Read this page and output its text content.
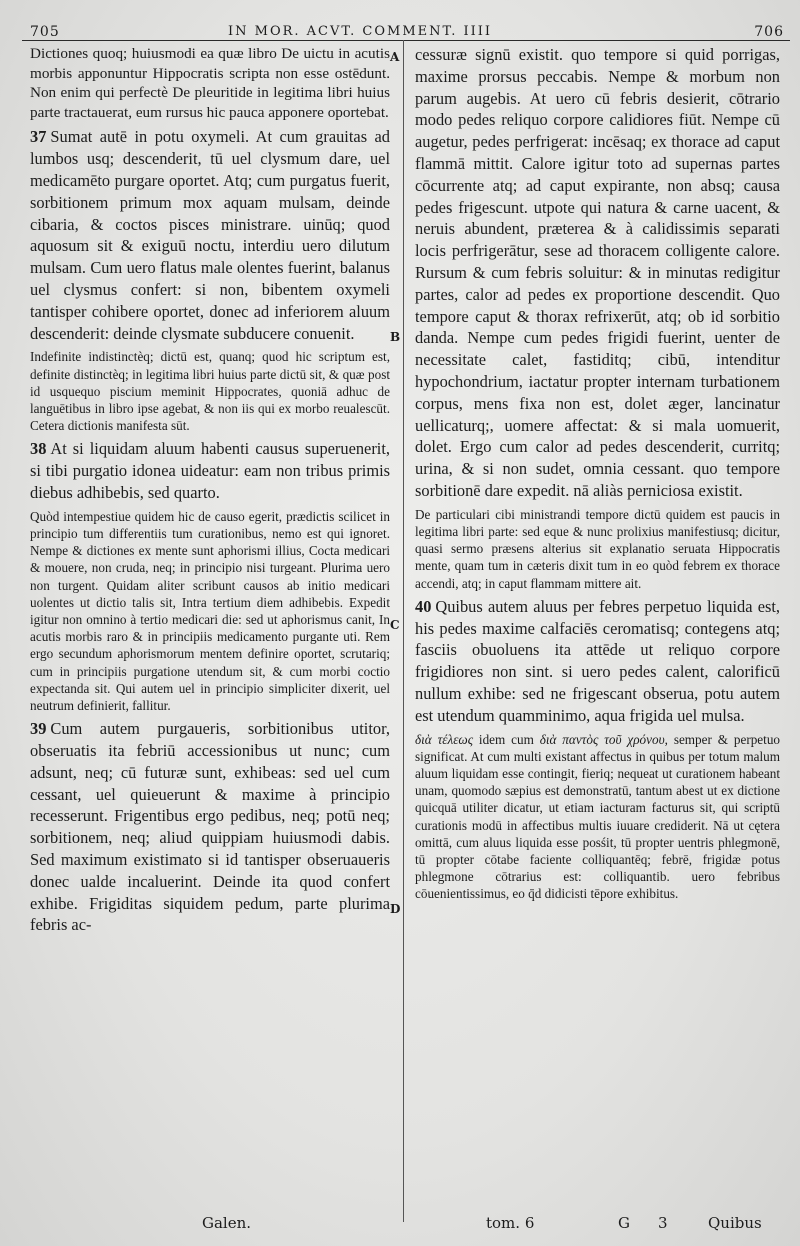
705	IN MOR. ACVT. COMMENT. IIII	706
A
B
C
D

Dictiones quoq; huiusmodi ea quæ libro De uictu in acutis morbis apponuntur Hippocratis scripta non esse ostēdunt. Non enim qui perfectè De pleuritide in legitima libri huius parte tractauerat, eum rursus hic pauca apponere oportebat.

37 Sumat autē in potu oxymeli. At cum grauitas ad lumbos usq; descenderit, tū uel clysmum dare, uel medicamēto purgare oportet. Atq; cum purgatus fuerit, sorbitionem primum mox aquam mulsam, deinde cibaria, & coctos pisces ministrare. uinūq; quod aquosum sit & exiguū noctu, interdiu uero dilutum mulsam. Cum uero flatus male olentes fuerint, balanus uel clysmus confert: si non, bibentem oxymeli tantisper cohibere oportet, donec ad inferiorem aluum descenderit: deinde clysmate subducere conuenit.

Indefinite indistinctèq; dictū est, quanq; quod hic scriptum est, definite distinctèq; in legitima libri huius parte dictū sit, & quæ post id usquequo piscium meminit Hippocrates, quoniā adhuc de languētibus in libro ipse agebat, & non iis qui ex morbo reualescūt. Cetera dictionis manifesta sūt.

38 At si liquidam aluum habenti causus superuenerit, si tibi purgatio idonea uideatur: eam non tribus primis diebus adhibebis, sed quarto.

Quòd intempestiue quidem hic de causo egerit, prædictis scilicet in principio tum differentiis tum curationibus, nemo est qui ignoret. Nempe & dictiones ex mente sunt aphorismi illius, Cocta medicari & mouere, non cruda, neq; in principio nisi turgeant. Plurima uero non turgent. Quidam aliter scribunt causos ab initio medicari uolentes ut dictio talis sit, Intra tertium diem adhibebis. Expedit igitur non omnino à tertio medicari die: sed ut aphorismus canit, In acutis morbis raro & in principiis medicamento purgante uti. Rem ergo secundum aphorismorum mentem definire oportet, scrutariq; cum in principiis purgatione utendum sit, & cum morbi coctio expectanda sit. Qui autem uel in principio simpliciter dixerit, uel neutrum definierit, fallitur.

39 Cum autem purgaueris, sorbitionibus utitor, obseruatis ita febriū accessionibus ut nunc; cum adsunt, neq; cū futuræ sunt, exhibeas: sed uel cum cessant, uel quieuerunt & maxime à principio recesserunt. Frigentibus ergo pedibus, neq; potū neq; sorbitionem, neq; aliud quippiam huiusmodi dabis. Sed maximum existimato si id tantisper obseruaueris donec ualde incaluerint. Deinde ita quod confert exhibe. Frigiditas siquidem pedum, parte plurima febris ac-

cessuræ signū existit. quo tempore si quid porrigas, maxime prorsus peccabis. Nempe & morbum non parum augebis. At uero cū febris desierit, cōtrario modo pedes reliquo corpore calidiores fiūt. Nempe cū augetur, pedes perfrigerat: incēsaq; ex thorace ad caput flammā mittit. Calore igitur toto ad supernas partes cōcurrente atq; ad caput expirante, non absq; causa pedes frigescunt. utpote qui natura & carne uacent, & neruis abundent, præterea & à calidissimis separati locis perfrigerātur, sese ad thoracem colligente calore. Rursum & cum febris soluitur: & in minutas redigitur partes, calor ad pedes ex proportione descendit. Quo tempore caput & thorax refrixerūt, atq; ob id sorbitio danda. Nempe cum pedes frigidi fuerint, uenter de necessitate calet, fastiditq; cibū, intenditur hypochondrium, iactatur propter internam turbationem corpus, mens fixa non est, dolet æger, lancinatur uellicaturq;, uomere affectat: & si mala uomuerit, dolet. Ergo cum calor ad pedes descenderit, curritq; urina, & si non sudet, omnia cessant. quo tempore sorbitionē dare expedit. nā aliàs perniciosa existit.

De particulari cibi ministrandi tempore dictū quidem est paucis in legitima libri parte: sed eque & nunc prolixius manifestiusq; dicitur, quasi sermo præsens alterius sit explanatio seruata Hippocratis mente, quam tum in cæteris dixit tum in eo quòd febrem ex thorace accendi, atq; in caput flammam mittere ait.

40 Quibus autem aluus per febres perpetuo liquida est, his pedes maxime calfaciēs ceromatisq; contegens atq; fasciis obuoluens ita attēde ut reliquo corpore frigidiores non sint. si uero pedes calent, calorificū nullum exhibe: sed ne frigescant obserua, potu autem est utendum quamminimo, aqua frigida uel mulsa.

διὰ τέλεως idem cum διὰ παντὸς τοῦ χρόνου, semper & perpetuo significat. At cum multi existant affectus in quibus per totum malum aluum liquidam esse contingit, fieriq; nequeat ut curationem habeant unam, quomodo sæpius est demonstratū, tantum abest ut ex dictione quicquā utiliter dicatur, ut etiam iacturam facturus sit, qui scriptū curationis modū in affectibus multis iuuare crediderit. Nā ut cętera omittā, cum aluus liquida esse posśit, tū propter uentris phlegmonē, tū propter cōtabe faciente colliquantēq; febrē, frigidæ potus phlegmone cōtrarius est: colliquantib. uero febribus cōuenientissimus, eo q̄d didicisti tēpore exhibitus.

Galen.	tom. 6	G 3	Quibus
